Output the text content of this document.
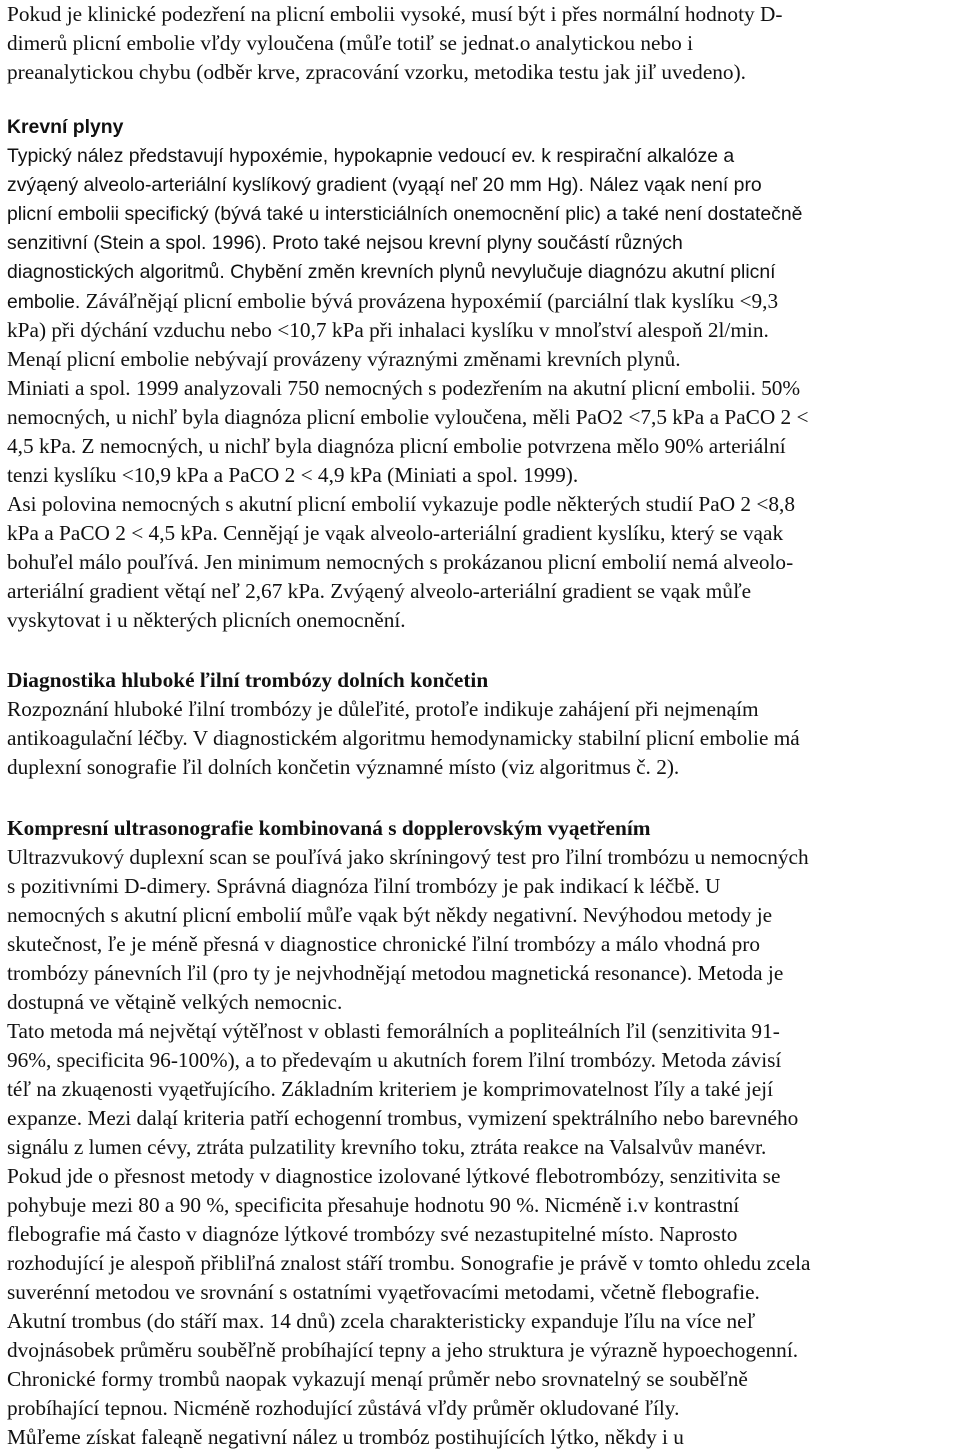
Pokud je klinické podezření na plicní embolii vysoké, musí být i přes normální hodnoty D-

dimerů plicní embolie vľdy vyloučena (můľe totiľ se jednat.o analytickou nebo i

preanalytickou chybu (odběr krve, zpracování vzorku, metodika testu jak jiľ uvedeno).

Krevní plyny

Typický nález představují hypoxémie, hypokapnie vedoucí ev. k respirační alkalóze a

zvýąený alveolo-arteriální kyslíkový gradient (vyąąí neľ 20 mm Hg). Nález vąak není pro

plicní embolii specifický (bývá také u intersticiálních onemocnění plic) a také není dostatečně

senzitivní (Stein a spol. 1996). Proto také nejsou krevní plyny součástí různých

diagnostických algoritmů. Chybění změn krevních plynů nevylučuje diagnózu akutní plicní

embolie. Záváľnějąí plicní embolie bývá provázena hypoxémií (parciální tlak kyslíku <9,3

kPa) při dýchání vzduchu nebo <10,7 kPa při inhalaci kyslíku v mnoľství alespoň 2l/min.

Menąí plicní embolie nebývají provázeny výraznými změnami krevních plynů.

Miniati a spol. 1999 analyzovali 750 nemocných s podezřením na akutní plicní embolii. 50%

nemocných, u nichľ byla diagnóza plicní embolie vyloučena, měli PaO2 <7,5 kPa a PaCO 2 <

4,5 kPa. Z nemocných, u nichľ byla diagnóza plicní embolie potvrzena mělo 90% arteriální

tenzi kyslíku <10,9 kPa a PaCO 2 < 4,9 kPa (Miniati a spol. 1999).

Asi polovina nemocných s akutní plicní embolií vykazuje podle některých studií PaO 2 <8,8

kPa a PaCO 2 < 4,5 kPa. Cennějąí je vąak alveolo-arteriální gradient kyslíku, který se vąak

bohuľel málo pouľívá. Jen minimum nemocných s prokázanou plicní embolií nemá alveolo-

arteriální gradient větąí neľ 2,67 kPa. Zvýąený alveolo-arteriální gradient se vąak můľe

vyskytovat i u některých plicních onemocnění.

Diagnostika hluboké ľilní trombózy dolních končetin

Rozpoznání hluboké ľilní trombózy je důleľité, protoľe indikuje zahájení při nejmenąím

antikoagulační léčby. V diagnostickém algoritmu hemodynamicky stabilní plicní embolie má

duplexní sonografie ľil dolních končetin významné místo (viz algoritmus č. 2).

Kompresní ultrasonografie kombinovaná s dopplerovským vyąetřením

Ultrazvukový duplexní scan se pouľívá jako skríningový test pro ľilní trombózu u nemocných

s pozitivními D-dimery. Správná diagnóza ľilní trombózy je pak indikací k léčbě. U

nemocných s akutní plicní embolií můľe vąak být někdy negativní. Nevýhodou metody je

skutečnost, ľe je méně přesná v diagnostice chronické ľilní trombózy a málo vhodná pro

trombózy pánevních ľil (pro ty je nejvhodnějąí metodou magnetická resonance). Metoda je

dostupná ve větąině velkých nemocnic.

Tato metoda má největąí výtěľnost v oblasti femorálních a popliteálních ľil (senzitivita 91-

96%, specificita 96-100%), a to předevąím u akutních forem ľilní trombózy. Metoda závisí

téľ na zkuąenosti vyąetřujícího. Základním kriteriem je komprimovatelnost ľíly a také její

expanze. Mezi daląí kriteria patří echogenní trombus, vymizení spektrálního nebo barevného

signálu z lumen cévy, ztráta pulzatility krevního toku, ztráta reakce na Valsalvův manévr.

Pokud jde o přesnost metody v diagnostice izolované lýtkové flebotrombózy, senzitivita se

pohybuje mezi 80 a 90 %, specificita přesahuje hodnotu 90 %. Nicméně i.v kontrastní

flebografie má často v diagnóze lýtkové trombózy své nezastupitelné místo. Naprosto

rozhodující je alespoň přibliľná znalost stáří trombu. Sonografie je právě v tomto ohledu zcela

suverénní metodou ve srovnání s ostatními vyąetřovacími metodami, včetně flebografie.

Akutní trombus (do stáří max. 14 dnů) zcela charakteristicky expanduje ľílu na více neľ

dvojnásobek průměru souběľně probíhající tepny a jeho struktura je výrazně hypoechogenní.

Chronické formy trombů naopak vykazují menąí průměr nebo srovnatelný se souběľně

probíhající tepnou. Nicméně rozhodující zůstává vľdy průměr okludované ľíly.

Můľeme získat faleąně negativní nález u trombóz postihujících lýtko, někdy i u
